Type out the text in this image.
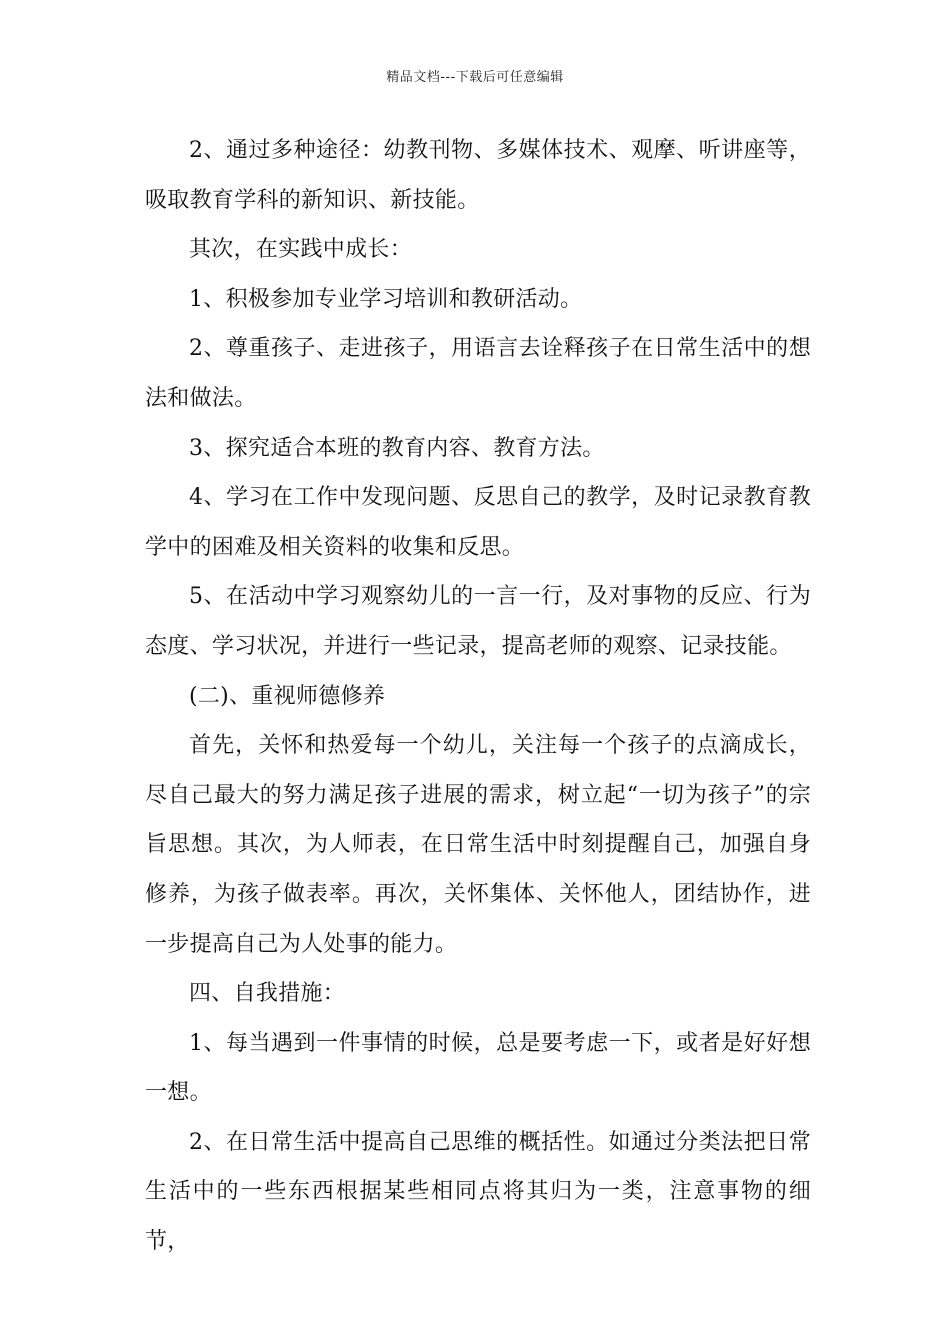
精品文档---下载后可任意编辑

2、通过多种途径：幼教刊物、多媒体技术、观摩、听讲座等，吸取教育学科的新知识、新技能。

其次，在实践中成长：

1、积极参加专业学习培训和教研活动。

2、尊重孩子、走进孩子，用语言去诠释孩子在日常生活中的想法和做法。

3、探究适合本班的教育内容、教育方法。

4、学习在工作中发现问题、反思自己的教学，及时记录教育教学中的困难及相关资料的收集和反思。

5、在活动中学习观察幼儿的一言一行，及对事物的反应、行为态度、学习状况，并进行一些记录，提高老师的观察、记录技能。

(二)、重视师德修养

首先，关怀和热爱每一个幼儿，关注每一个孩子的点滴成长，尽自己最大的努力满足孩子进展的需求，树立起“一切为孩子”的宗旨思想。其次，为人师表，在日常生活中时刻提醒自己，加强自身修养，为孩子做表率。再次，关怀集体、关怀他人，团结协作，进一步提高自己为人处事的能力。

四、自我措施：

1、每当遇到一件事情的时候，总是要考虑一下，或者是好好想一想。

2、在日常生活中提高自己思维的概括性。如通过分类法把日常生活中的一些东西根据某些相同点将其归为一类，注意事物的细节，
